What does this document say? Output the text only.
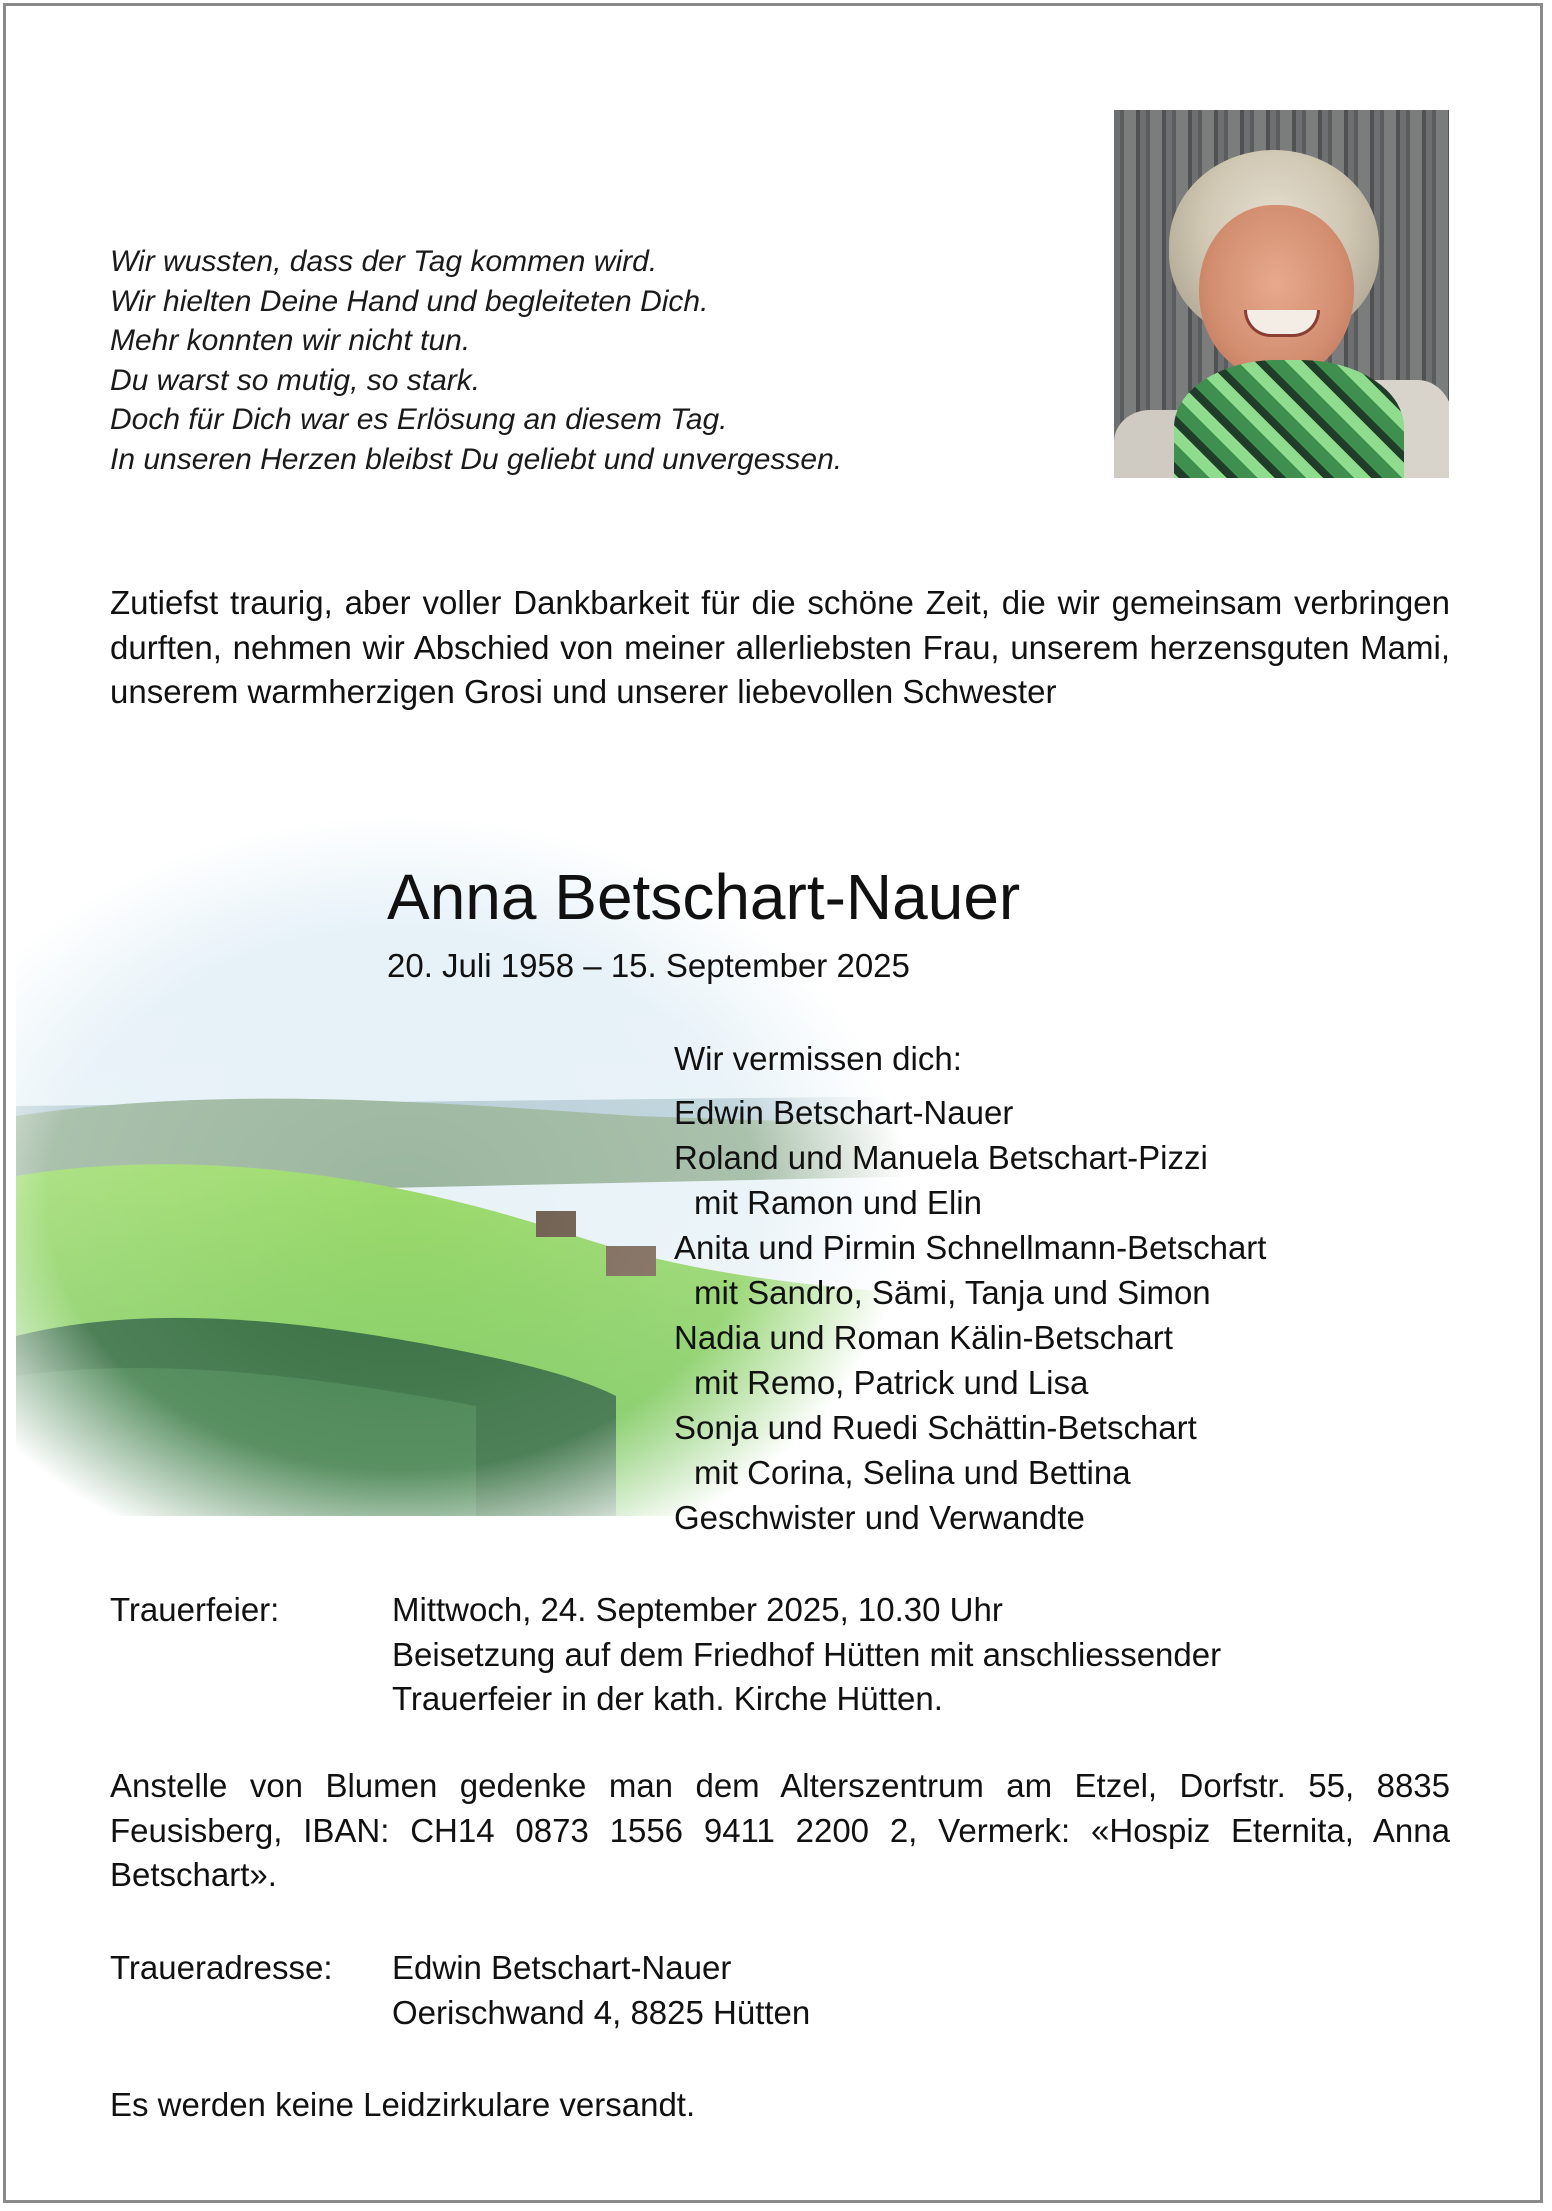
Wir wussten, dass der Tag kommen wird.
Wir hielten Deine Hand und begleiteten Dich.
Mehr konnten wir nicht tun.
Du warst so mutig, so stark.
Doch für Dich war es Erlösung an diesem Tag.
In unseren Herzen bleibst Du geliebt und unvergessen.
Zutiefst traurig, aber voller Dankbarkeit für die schöne Zeit, die wir gemeinsam verbringen durften, nehmen wir Abschied von meiner allerliebsten Frau, unserem herzensguten Mami, unserem warmherzigen Grosi und unserer liebevollen Schwester
Anna Betschart-Nauer
20. Juli 1958 – 15. September 2025
Wir vermissen dich:
Edwin Betschart-Nauer
Roland und Manuela Betschart-Pizzi
mit Ramon und Elin
Anita und Pirmin Schnellmann-Betschart
mit Sandro, Sämi, Tanja und Simon
Nadia und Roman Kälin-Betschart
mit Remo, Patrick und Lisa
Sonja und Ruedi Schättin-Betschart
mit Corina, Selina und Bettina
Geschwister und Verwandte
Trauerfeier:	Mittwoch, 24. September 2025, 10.30 Uhr
Beisetzung auf dem Friedhof Hütten mit anschliessender
Trauerfeier in der kath. Kirche Hütten.
Anstelle von Blumen gedenke man dem Alterszentrum am Etzel, Dorfstr. 55, 8835 Feusisberg, IBAN: CH14 0873 1556 9411 2200 2, Vermerk: «Hospiz Eternita, Anna Betschart».
Traueradresse: Edwin Betschart-Nauer
Oerischwand 4, 8825 Hütten
Es werden keine Leidzirkulare versandt.
